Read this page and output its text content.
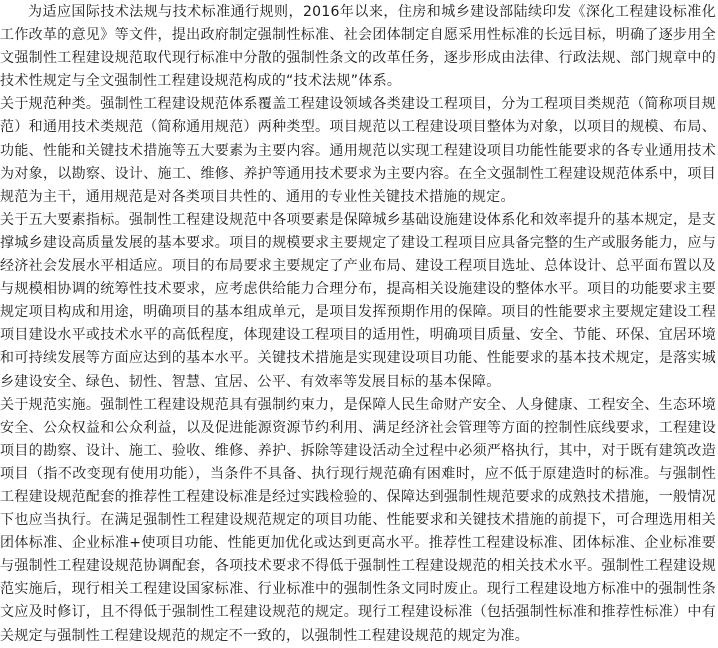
为适应国际技术法规与技术标准通行规则，2016年以来，住房和城乡建设部陆续印发《深化工程建设标准化工作改革的意见》等文件，提出政府制定强制性标准、社会团体制定自愿采用性标准的长远目标，明确了逐步用全文强制性工程建设规范取代现行标准中分散的强制性条文的改革任务，逐步形成由法律、行政法规、部门规章中的技术性规定与全文强制性工程建设规范构成的“技术法规”体系。

关于规范种类。强制性工程建设规范体系覆盖工程建设领域各类建设工程项目，分为工程项目类规范（简称项目规范）和通用技术类规范（简称通用规范）两种类型。项目规范以工程建设项目整体为对象，以项目的规模、布局、功能、性能和关键技术措施等五大要素为主要内容。通用规范以实现工程建设项目功能性能要求的各专业通用技术为对象，以勘察、设计、施工、维修、养护等通用技术要求为主要内容。在全文强制性工程建设规范体系中，项目规范为主干，通用规范是对各类项目共性的、通用的专业性关键技术措施的规定。

关于五大要素指标。强制性工程建设规范中各项要素是保障城乡基础设施建设体系化和效率提升的基本规定，是支撑城乡建设高质量发展的基本要求。项目的规模要求主要规定了建设工程项目应具备完整的生产或服务能力，应与经济社会发展水平相适应。项目的布局要求主要规定了产业布局、建设工程项目选址、总体设计、总平面布置以及与规模相协调的统筹性技术要求，应考虑供给能力合理分布，提高相关设施建设的整体水平。项目的功能要求主要规定项目构成和用途，明确项目的基本组成单元，是项目发挥预期作用的保障。项目的性能要求主要规定建设工程项目建设水平或技术水平的高低程度，体现建设工程项目的适用性，明确项目质量、安全、节能、环保、宜居环境和可持续发展等方面应达到的基本水平。关键技术措施是实现建设项目功能、性能要求的基本技术规定，是落实城乡建设安全、绿色、韧性、智慧、宜居、公平、有效率等发展目标的基本保障。

关于规范实施。强制性工程建设规范具有强制约束力，是保障人民生命财产安全、人身健康、工程安全、生态环境安全、公众权益和公众利益，以及促进能源资源节约利用、满足经济社会管理等方面的控制性底线要求，工程建设项目的勘察、设计、施工、验收、维修、养护、拆除等建设活动全过程中必须严格执行，其中，对于既有建筑改造项目（指不改变现有使用功能），当条件不具备、执行现行规范确有困难时，应不低于原建造时的标准。与强制性工程建设规范配套的推荐性工程建设标准是经过实践检验的、保障达到强制性规范要求的成熟技术措施，一般情况下也应当执行。在满足强制性工程建设规范规定的项目功能、性能要求和关键技术措施的前提下，可合理选用相关团体标准、企业标准+使项目功能、性能更加优化或达到更高水平。推荐性工程建设标准、团体标准、企业标准要与强制性工程建设规范协调配套，各项技术要求不得低于强制性工程建设规范的相关技术水平。强制性工程建设规范实施后，现行相关工程建设国家标准、行业标准中的强制性条文同时废止。现行工程建设地方标准中的强制性条文应及时修订，且不得低于强制性工程建设规范的规定。现行工程建设标准（包括强制性标准和推荐性标准）中有关规定与强制性工程建设规范的规定不一致的，以强制性工程建设规范的规定为准。
